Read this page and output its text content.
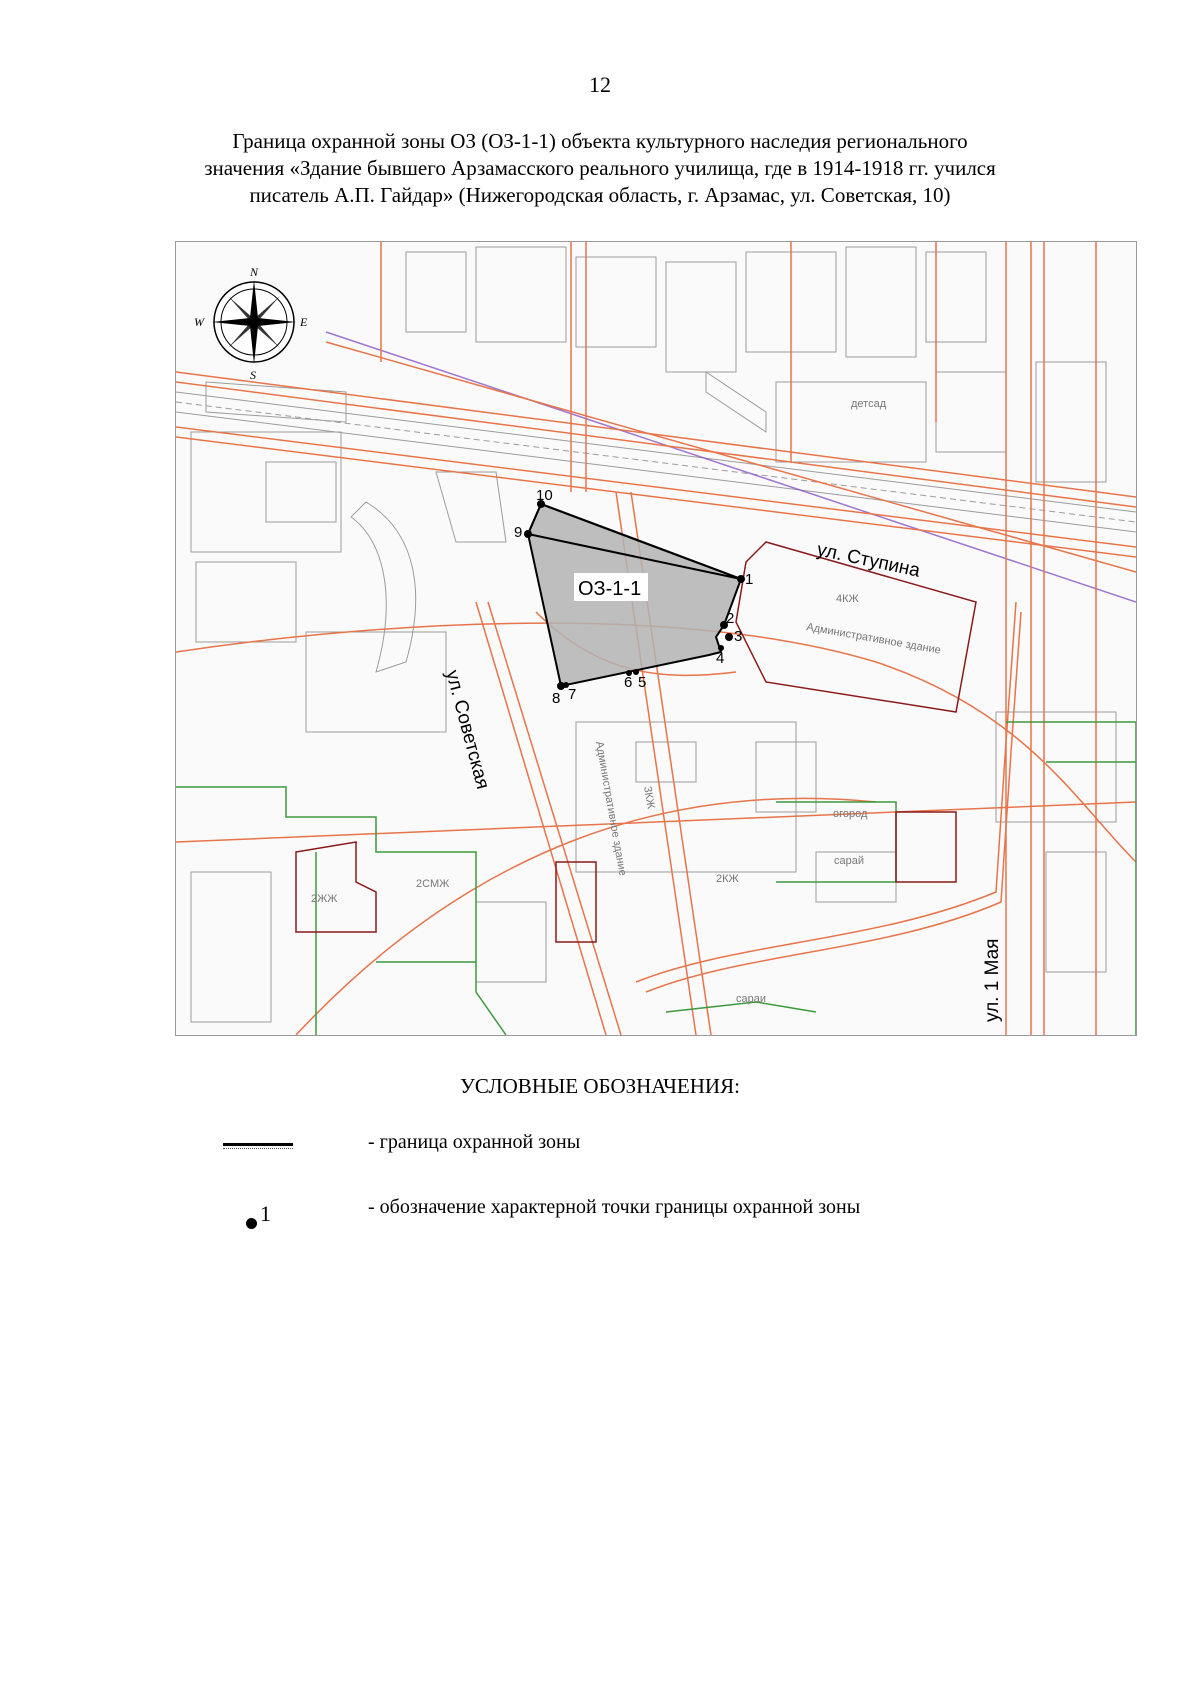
12
Граница охранной зоны ОЗ (ОЗ-1-1) объекта культурного наследия регионального
значения «Здание бывшего Арзамасского реального училища, где в 1914-1918 гг. учился
писатель А.П. Гайдар» (Нижегородская область, г. Арзамас, ул. Советская, 10)
1
2
3
4
5
6
7
8
9
10
ОЗ-1-1
ул. Ступина
ул. Советская
ул. 1 Мая
Административное здание
4КЖ
Административное здание 3КЖ
2КЖ
2СМЖ
2ЖЖ
детсад
огород
сарай
сараи
N
S
E
W
УСЛОВНЫЕ ОБОЗНАЧЕНИЯ:
- граница охранной зоны
1	- обозначение характерной точки границы охранной зоны
